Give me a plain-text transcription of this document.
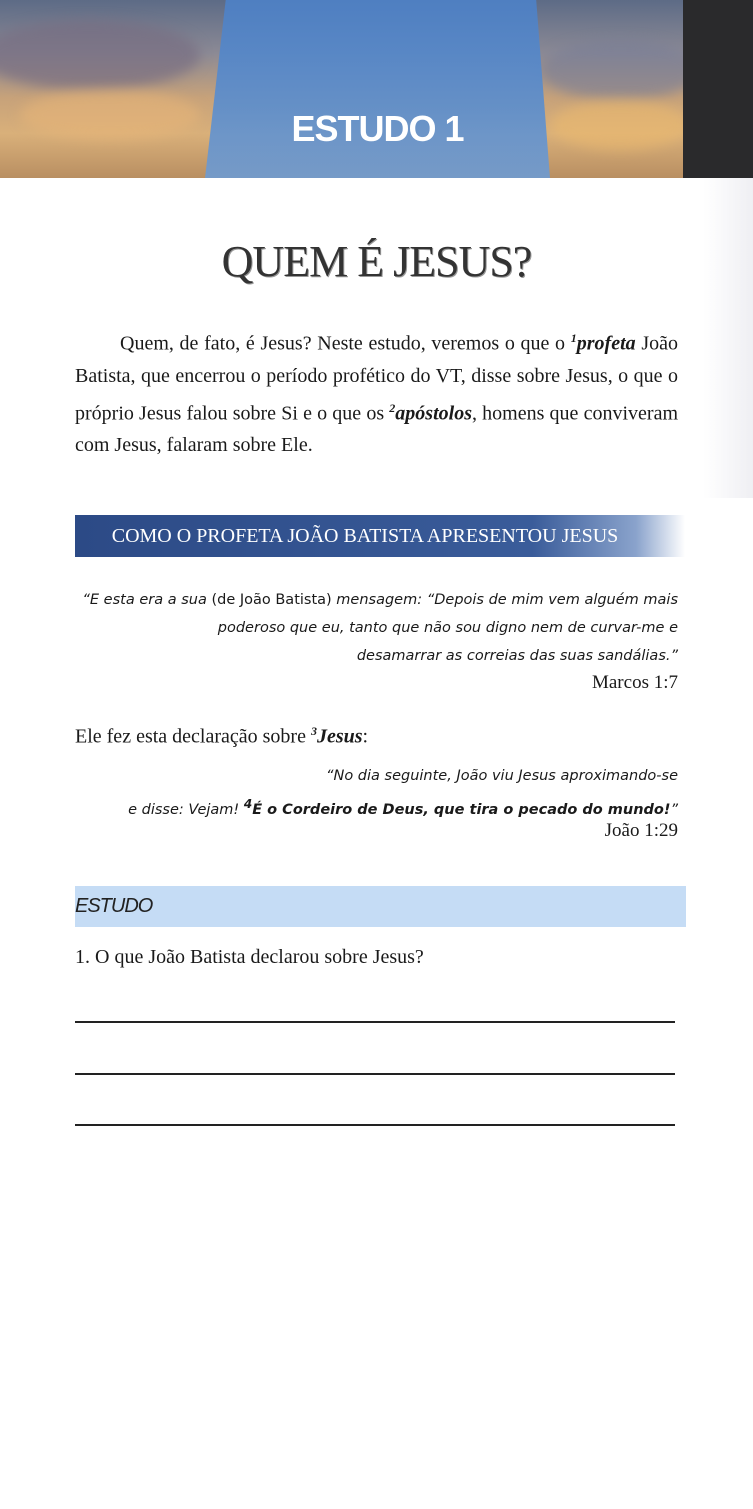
ESTUDO 1
QUEM É JESUS?
Quem, de fato, é Jesus? Neste estudo, veremos o que o $^1$profeta João Batista, que encerrou o período profético do VT, disse sobre Jesus, o que o próprio Jesus falou sobre Si e o que os $^2$apóstolos, homens que conviveram com Jesus, falaram sobre Ele.
COMO O PROFETA JOÃO BATISTA APRESENTOU JESUS
“E esta era a sua (de João Batista) mensagem: “Depois de mim vem alguém mais
poderoso que eu, tanto que não sou digno nem de curvar-me e
desamarrar as correias das suas sandálias.”
Marcos 1:7
Ele fez esta declaração sobre $^3$Jesus:
“No dia seguinte, João viu Jesus aproximando-se
e disse: Vejam! $^4$É o Cordeiro de Deus, que tira o pecado do mundo!”
João 1:29
ESTUDO
1. O que João Batista declarou sobre Jesus?
